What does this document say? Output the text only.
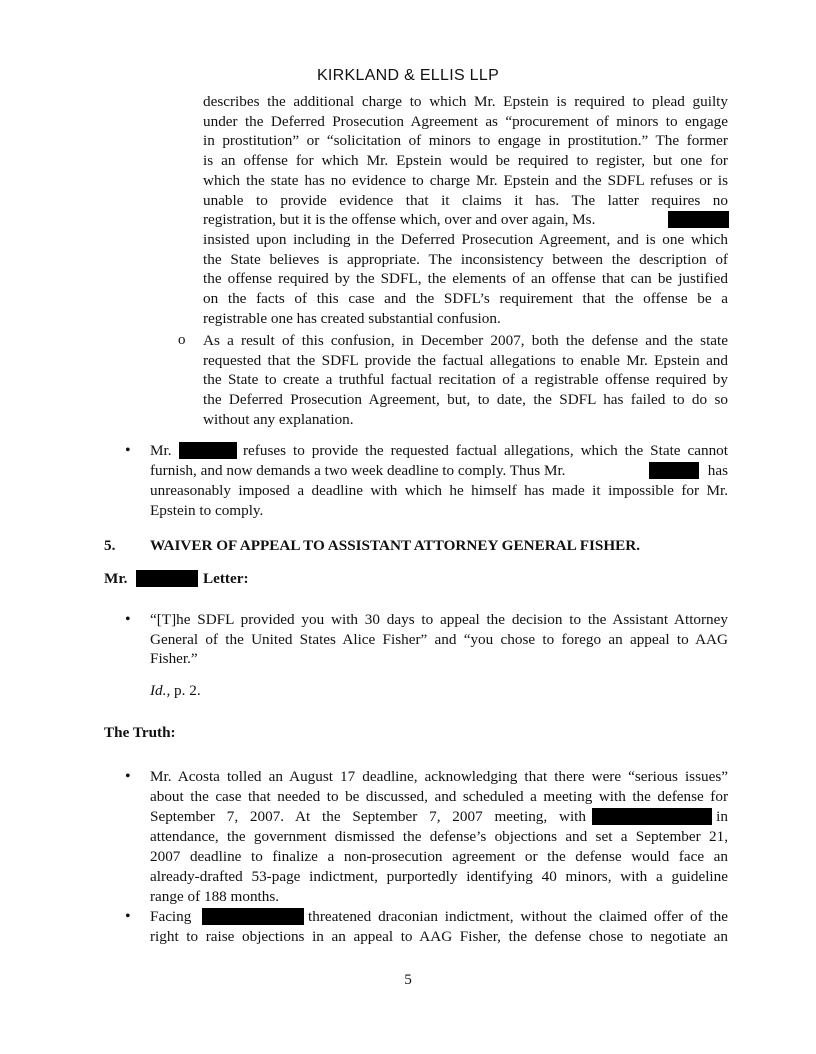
KIRKLAND & ELLIS LLP
describes the additional charge to which Mr. Epstein is required to plead guilty
under the Deferred Prosecution Agreement as “procurement of minors to engage
in prostitution” or “solicitation of minors to engage in prostitution.” The former
is an offense for which Mr. Epstein would be required to register, but one for
which the state has no evidence to charge Mr. Epstein and the SDFL refuses or is
unable to provide evidence that it claims it has. The latter requires no
registration, but it is the offense which, over and over again, Ms.
insisted upon including in the Deferred Prosecution Agreement, and is one which
the State believes is appropriate. The inconsistency between the description of
the offense required by the SDFL, the elements of an offense that can be justified
on the facts of this case and the SDFL’s requirement that the offense be a
registrable one has created substantial confusion.
o As a result of this confusion, in December 2007, both the defense and the state
requested that the SDFL provide the factual allegations to enable Mr. Epstein and
the State to create a truthful factual recitation of a registrable offense required by
the Deferred Prosecution Agreement, but, to date, the SDFL has failed to do so
without any explanation.
• Mr.	refuses to provide the requested factual allegations, which the State cannot
furnish, and now demands a two week deadline to comply. Thus Mr.	has
unreasonably imposed a deadline with which he himself has made it impossible for Mr.
Epstein to comply.
5. WAIVER OF APPEAL TO ASSISTANT ATTORNEY GENERAL FISHER.
Mr.	Letter:
• “[T]he SDFL provided you with 30 days to appeal the decision to the Assistant Attorney
General of the United States Alice Fisher” and “you chose to forego an appeal to AAG
Fisher.”
Id., p. 2.
The Truth:
• Mr. Acosta tolled an August 17 deadline, acknowledging that there were “serious issues”
about the case that needed to be discussed, and scheduled a meeting with the defense for
September 7, 2007. At the September 7, 2007 meeting, with	in
attendance, the government dismissed the defense’s objections and set a September 21,
2007 deadline to finalize a non-prosecution agreement or the defense would face an
already-drafted 53-page indictment, purportedly identifying 40 minors, with a guideline
range of 188 months.
• Facing	threatened draconian indictment, without the claimed offer of the
right to raise objections in an appeal to AAG Fisher, the defense chose to negotiate an
5
